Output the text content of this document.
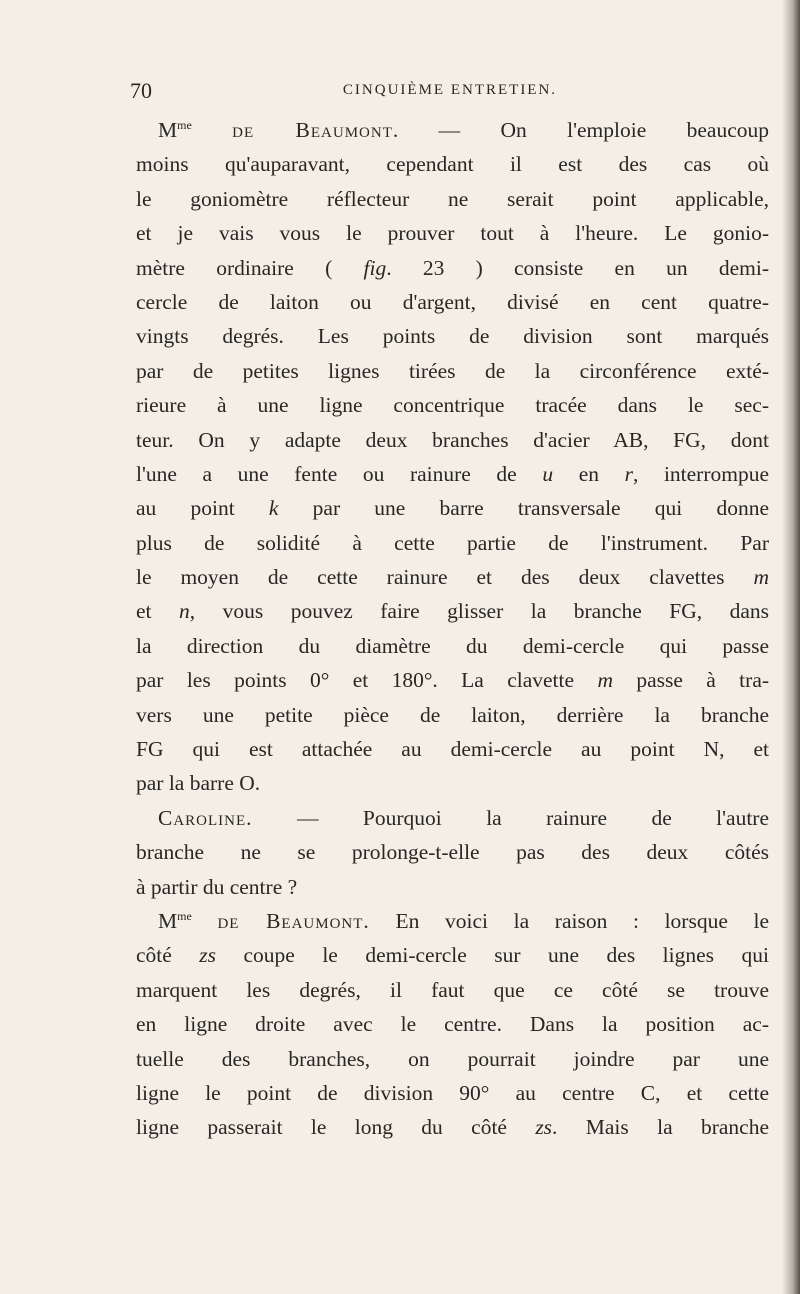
70	CINQUIÈME ENTRETIEN.
$M^{me}$ de Beaumont. — On l'emploie beaucoup
moins qu'auparavant, cependant il est des cas où
le goniomètre réflecteur ne serait point applicable,
et je vais vous le prouver tout à l'heure. Le gonio-
mètre ordinaire ( fig. 23 ) consiste en un demi-
cercle de laiton ou d'argent, divisé en cent quatre-
vingts degrés. Les points de division sont marqués
par de petites lignes tirées de la circonférence exté-
rieure à une ligne concentrique tracée dans le sec-
teur. On y adapte deux branches d'acier AB, FG, dont
l'une a une fente ou rainure de u en r, interrompue
au point k par une barre transversale qui donne
plus de solidité à cette partie de l'instrument. Par
le moyen de cette rainure et des deux clavettes m
et n, vous pouvez faire glisser la branche FG, dans
la direction du diamètre du demi-cercle qui passe
par les points 0° et 180°. La clavette m passe à tra-
vers une petite pièce de laiton, derrière la branche
FG qui est attachée au demi-cercle au point N, et
par la barre O.
Caroline. — Pourquoi la rainure de l'autre
branche ne se prolonge-t-elle pas des deux côtés
à partir du centre ?
$M^{me}$ de Beaumont. En voici la raison : lorsque le
côté zs coupe le demi-cercle sur une des lignes qui
marquent les degrés, il faut que ce côté se trouve
en ligne droite avec le centre. Dans la position ac-
tuelle des branches, on pourrait joindre par une
ligne le point de division 90° au centre C, et cette
ligne passerait le long du côté zs. Mais la branche
